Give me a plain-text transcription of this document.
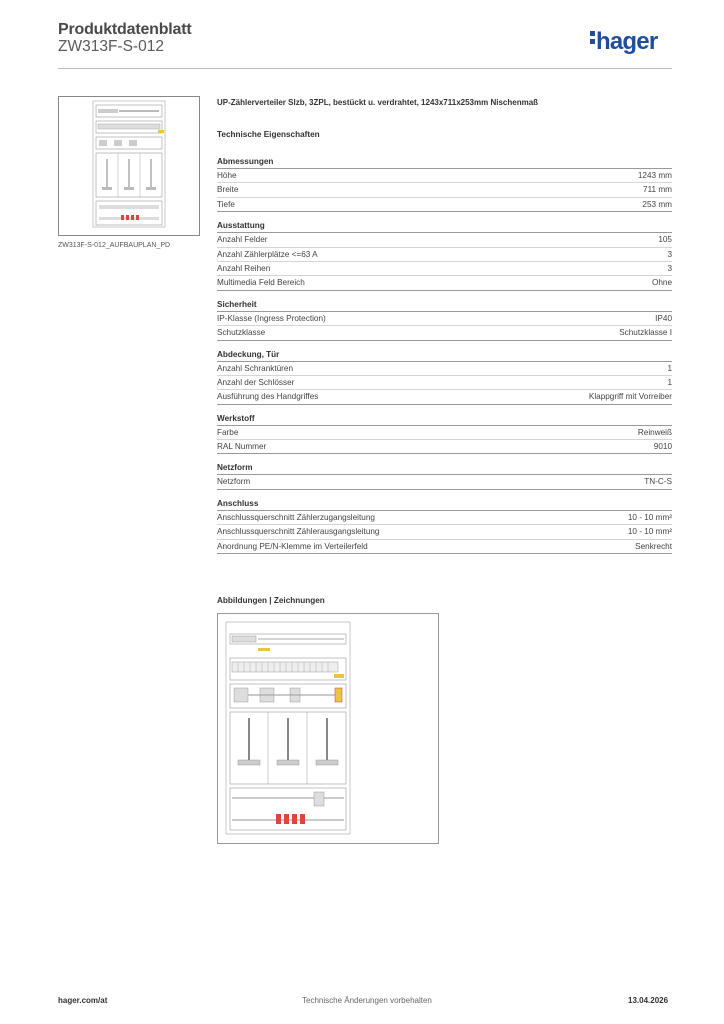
Produktdatenblatt
ZW313F-S-012	hager
ZW313F-S-012_AUFBAUPLAN_PD
UP-Zählerverteiler Slzb, 3ZPL, bestückt u. verdrahtet, 1243x711x253mm Nischenmaß
Technische Eigenschaften
Abmessungen
Höhe	1243 mm
Breite	711 mm
Tiefe	253 mm
Ausstattung
Anzahl Felder	105
Anzahl Zählerplätze <=63 A	3
Anzahl Reihen	3
Multimedia Feld Bereich	Ohne
Sicherheit
IP-Klasse (Ingress Protection)	IP40
Schutzklasse	Schutzklasse I
Abdeckung, Tür
Anzahl Schranktüren	1
Anzahl der Schlösser	1
Ausführung des Handgriffes	Klappgriff mit Vorreiber
Werkstoff
Farbe	Reinweiß
RAL Nummer	9010
Netzform
Netzform	TN-C-S
Anschluss
Anschlussquerschnitt Zählerzugangsleitung	10 - 10 mm²
Anschlussquerschnitt Zählerausgangsleitung	10 - 10 mm²
Anordnung PE/N-Klemme im Verteilerfeld	Senkrecht
Abbildungen | Zeichnungen
hager.com/at	Technische Änderungen vorbehalten	13.04.2026
